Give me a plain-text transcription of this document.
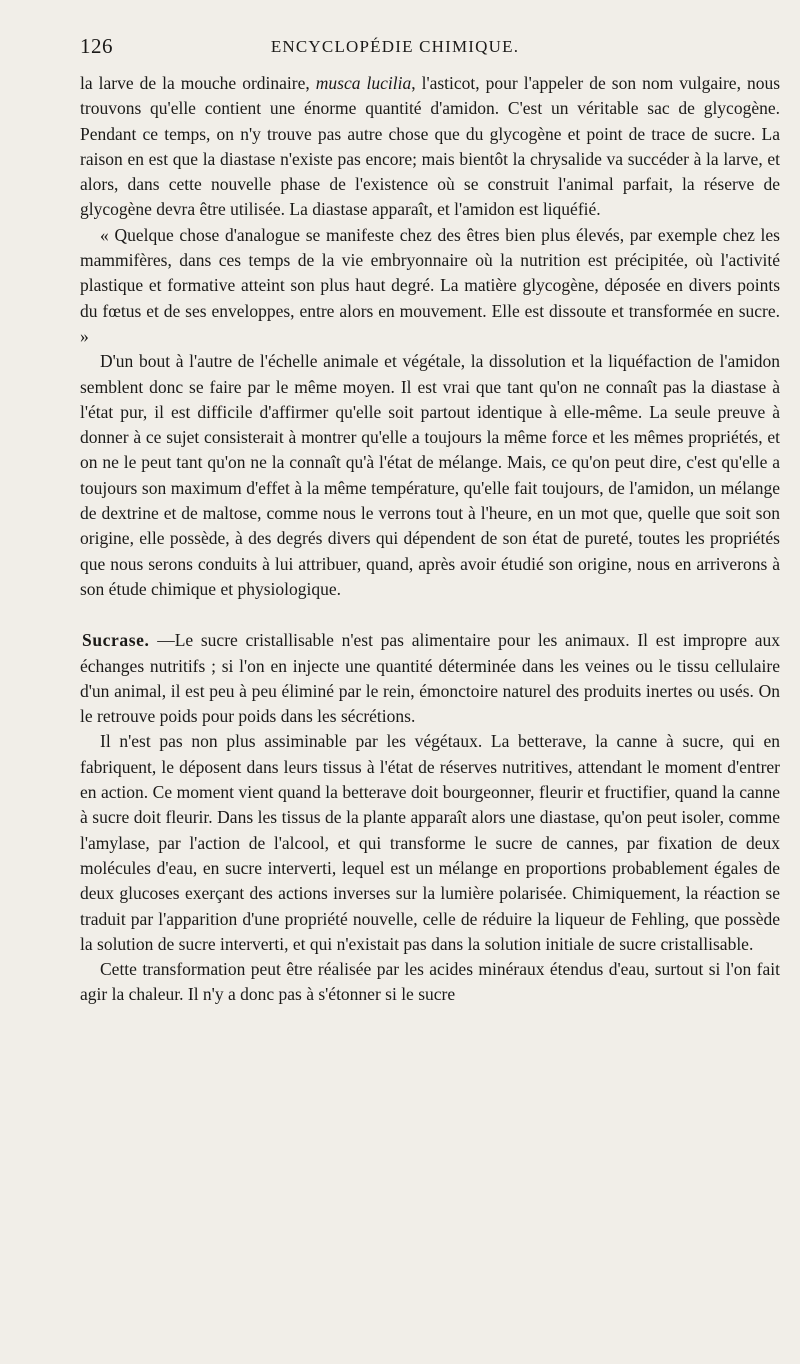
126	ENCYCLOPÉDIE CHIMIQUE.

la larve de la mouche ordinaire, musca lucilia, l'asticot, pour l'appeler de son nom vulgaire, nous trouvons qu'elle contient une énorme quantité d'amidon. C'est un véritable sac de glycogène. Pendant ce temps, on n'y trouve pas autre chose que du glycogène et point de trace de sucre. La raison en est que la diastase n'existe pas encore; mais bientôt la chrysalide va succéder à la larve, et alors, dans cette nouvelle phase de l'existence où se construit l'animal parfait, la réserve de glycogène devra être utilisée. La diastase apparaît, et l'amidon est liquéfié.

« Quelque chose d'analogue se manifeste chez des êtres bien plus élevés, par exemple chez les mammifères, dans ces temps de la vie embryonnaire où la nutrition est précipitée, où l'activité plastique et formative atteint son plus haut degré. La matière glycogène, déposée en divers points du fœtus et de ses enveloppes, entre alors en mouvement. Elle est dissoute et transformée en sucre. »

D'un bout à l'autre de l'échelle animale et végétale, la dissolution et la liquéfaction de l'amidon semblent donc se faire par le même moyen. Il est vrai que tant qu'on ne connaît pas la diastase à l'état pur, il est difficile d'affirmer qu'elle soit partout identique à elle-même. La seule preuve à donner à ce sujet consisterait à montrer qu'elle a toujours la même force et les mêmes propriétés, et on ne le peut tant qu'on ne la connaît qu'à l'état de mélange. Mais, ce qu'on peut dire, c'est qu'elle a toujours son maximum d'effet à la même température, qu'elle fait toujours, de l'amidon, un mélange de dextrine et de maltose, comme nous le verrons tout à l'heure, en un mot que, quelle que soit son origine, elle possède, à des degrés divers qui dépendent de son état de pureté, toutes les propriétés que nous serons conduits à lui attribuer, quand, après avoir étudié son origine, nous en arriverons à son étude chimique et physiologique.

Sucrase. —Le sucre cristallisable n'est pas alimentaire pour les animaux. Il est impropre aux échanges nutritifs ; si l'on en injecte une quantité déterminée dans les veines ou le tissu cellulaire d'un animal, il est peu à peu éliminé par le rein, émonctoire naturel des produits inertes ou usés. On le retrouve poids pour poids dans les sécrétions.

Il n'est pas non plus assiminable par les végétaux. La betterave, la canne à sucre, qui en fabriquent, le déposent dans leurs tissus à l'état de réserves nutritives, attendant le moment d'entrer en action. Ce moment vient quand la betterave doit bourgeonner, fleurir et fructifier, quand la canne à sucre doit fleurir. Dans les tissus de la plante apparaît alors une diastase, qu'on peut isoler, comme l'amylase, par l'action de l'alcool, et qui transforme le sucre de cannes, par fixation de deux molécules d'eau, en sucre interverti, lequel est un mélange en proportions probablement égales de deux glucoses exerçant des actions inverses sur la lumière polarisée. Chimiquement, la réaction se traduit par l'apparition d'une propriété nouvelle, celle de réduire la liqueur de Fehling, que possède la solution de sucre interverti, et qui n'existait pas dans la solution initiale de sucre cristallisable.

Cette transformation peut être réalisée par les acides minéraux étendus d'eau, surtout si l'on fait agir la chaleur. Il n'y a donc pas à s'étonner si le sucre
